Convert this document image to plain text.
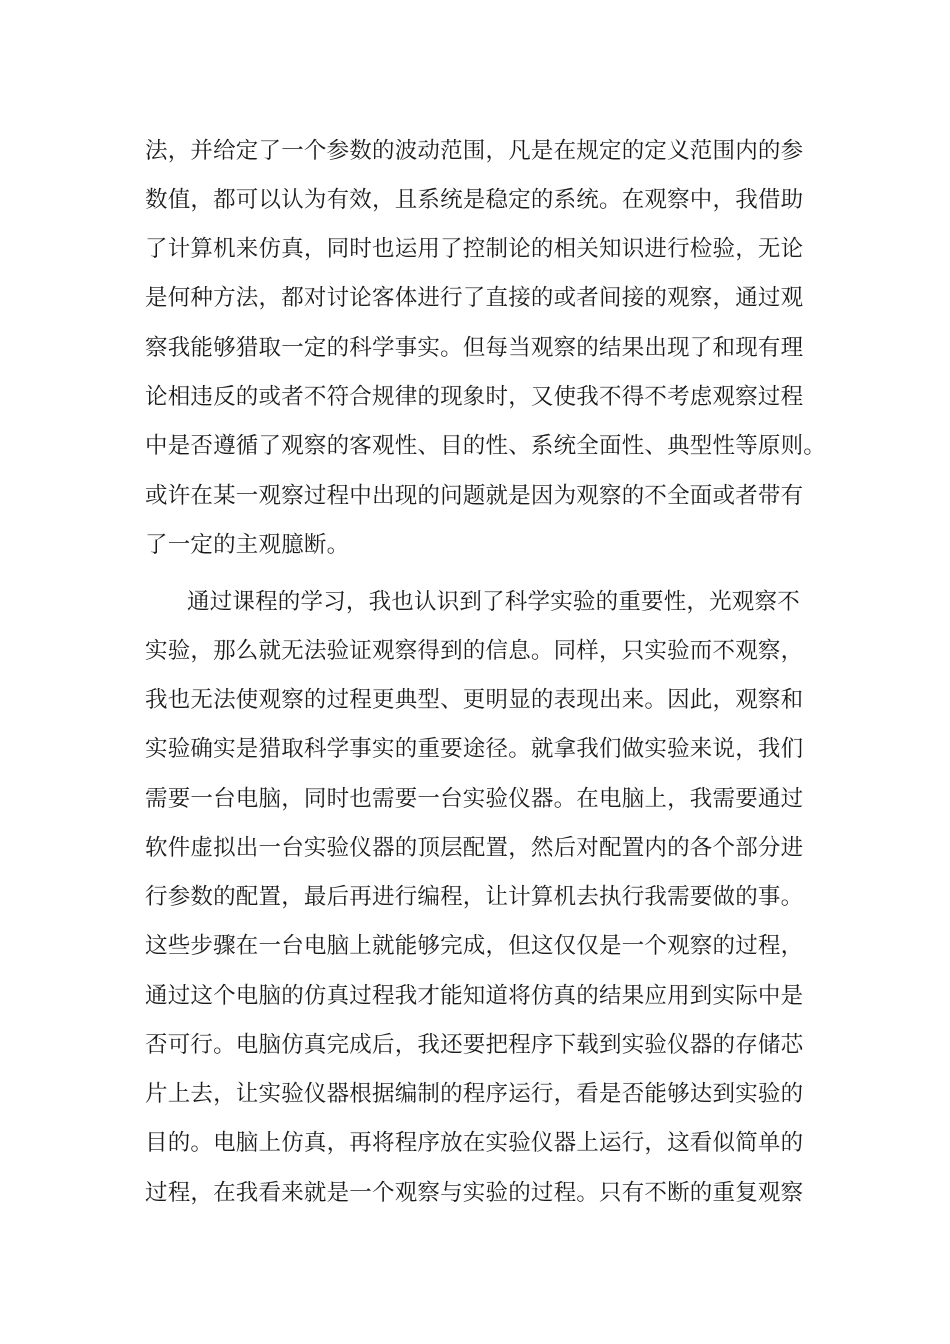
法，并给定了一个参数的波动范围，凡是在规定的定义范围内的参
数值，都可以认为有效，且系统是稳定的系统。在观察中，我借助
了计算机来仿真，同时也运用了控制论的相关知识进行检验，无论
是何种方法，都对讨论客体进行了直接的或者间接的观察，通过观
察我能够猎取一定的科学事实。但每当观察的结果出现了和现有理
论相违反的或者不符合规律的现象时，又使我不得不考虑观察过程
中是否遵循了观察的客观性、目的性、系统全面性、典型性等原则。
或许在某一观察过程中出现的问题就是因为观察的不全面或者带有
了一定的主观臆断。
通过课程的学习，我也认识到了科学实验的重要性，光观察不
实验，那么就无法验证观察得到的信息。同样，只实验而不观察，
我也无法使观察的过程更典型、更明显的表现出来。因此，观察和
实验确实是猎取科学事实的重要途径。就拿我们做实验来说，我们
需要一台电脑，同时也需要一台实验仪器。在电脑上，我需要通过
软件虚拟出一台实验仪器的顶层配置，然后对配置内的各个部分进
行参数的配置，最后再进行编程，让计算机去执行我需要做的事。
这些步骤在一台电脑上就能够完成，但这仅仅是一个观察的过程，
通过这个电脑的仿真过程我才能知道将仿真的结果应用到实际中是
否可行。电脑仿真完成后，我还要把程序下载到实验仪器的存储芯
片上去，让实验仪器根据编制的程序运行，看是否能够达到实验的
目的。电脑上仿真，再将程序放在实验仪器上运行，这看似简单的
过程，在我看来就是一个观察与实验的过程。只有不断的重复观察
